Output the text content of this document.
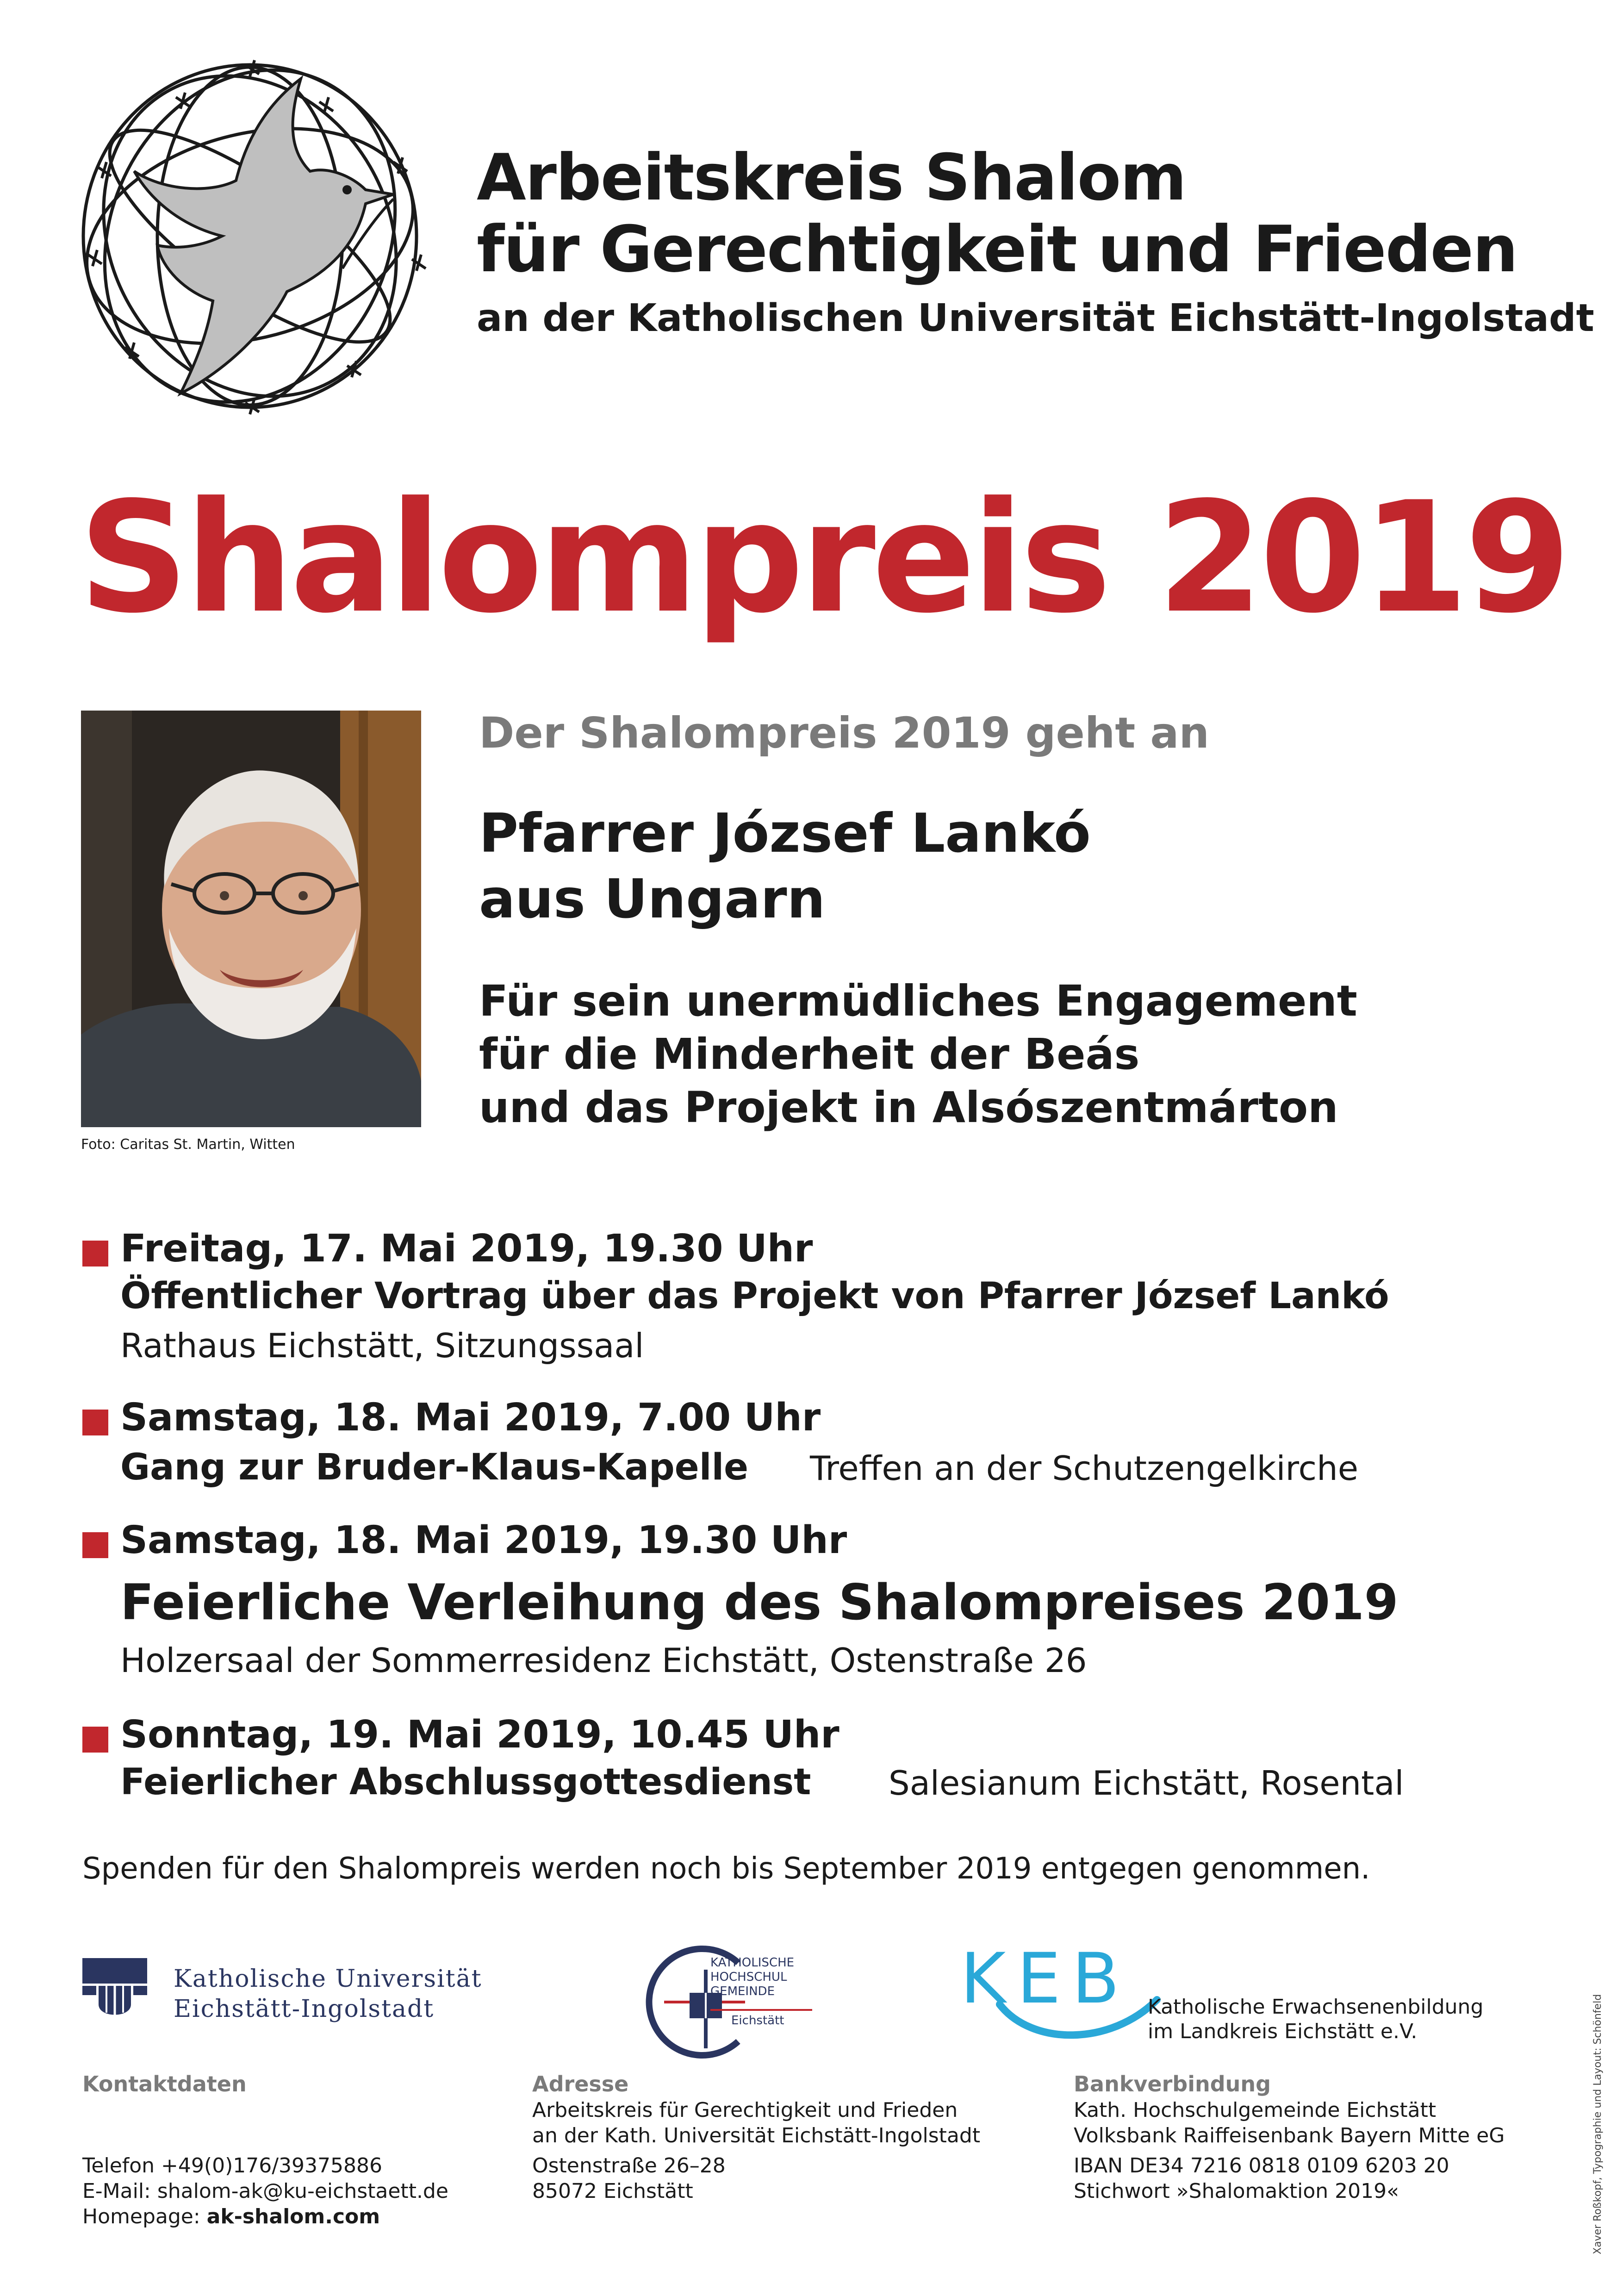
Arbeitskreis Shalom
für Gerechtigkeit und Frieden
an der Katholischen Universität Eichstätt-Ingolstadt
Shalompreis 2019
Foto: Caritas St. Martin, Witten
Der Shalompreis 2019 geht an
Pfarrer József Lankó
aus Ungarn
Für sein unermüdliches Engagement
für die Minderheit der Beás
und das Projekt in Alsószentmárton
Freitag, 17. Mai 2019, 19.30 Uhr
Öffentlicher Vortrag über das Projekt von Pfarrer József Lankó
Rathaus Eichstätt, Sitzungssaal
Samstag, 18. Mai 2019, 7.00 Uhr
Gang zur Bruder-Klaus-Kapelle Treffen an der Schutzengelkirche
Samstag, 18. Mai 2019, 19.30 Uhr
Feierliche Verleihung des Shalompreises 2019
Holzersaal der Sommerresidenz Eichstätt, Ostenstraße 26
Sonntag, 19. Mai 2019, 10.45 Uhr
Feierlicher Abschlussgottesdienst Salesianum Eichstätt, Rosental
Spenden für den Shalompreis werden noch bis September 2019 entgegen genommen.
Katholische Universität
Eichstätt-Ingolstadt
KATHOLISCHE
HOCHSCHUL
GEMEINDE
Eichstätt
KEB Katholische Erwachsenenbildung
im Landkreis Eichstätt e.V.
Kontaktdaten
Telefon +49(0)176/39375886
E-Mail: shalom-ak@ku-eichstaett.de
Homepage: ak-shalom.com
Adresse
Arbeitskreis für Gerechtigkeit und Frieden
an der Kath. Universität Eichstätt-Ingolstadt
Ostenstraße 26–28
85072 Eichstätt
Bankverbindung
Kath. Hochschulgemeinde Eichstätt
Volksbank Raiffeisenbank Bayern Mitte eG
IBAN DE34 7216 0818 0109 6203 20
Stichwort »Shalomaktion 2019«	Xaver Roßkopf, Typographie und Layout: Schönfeld
